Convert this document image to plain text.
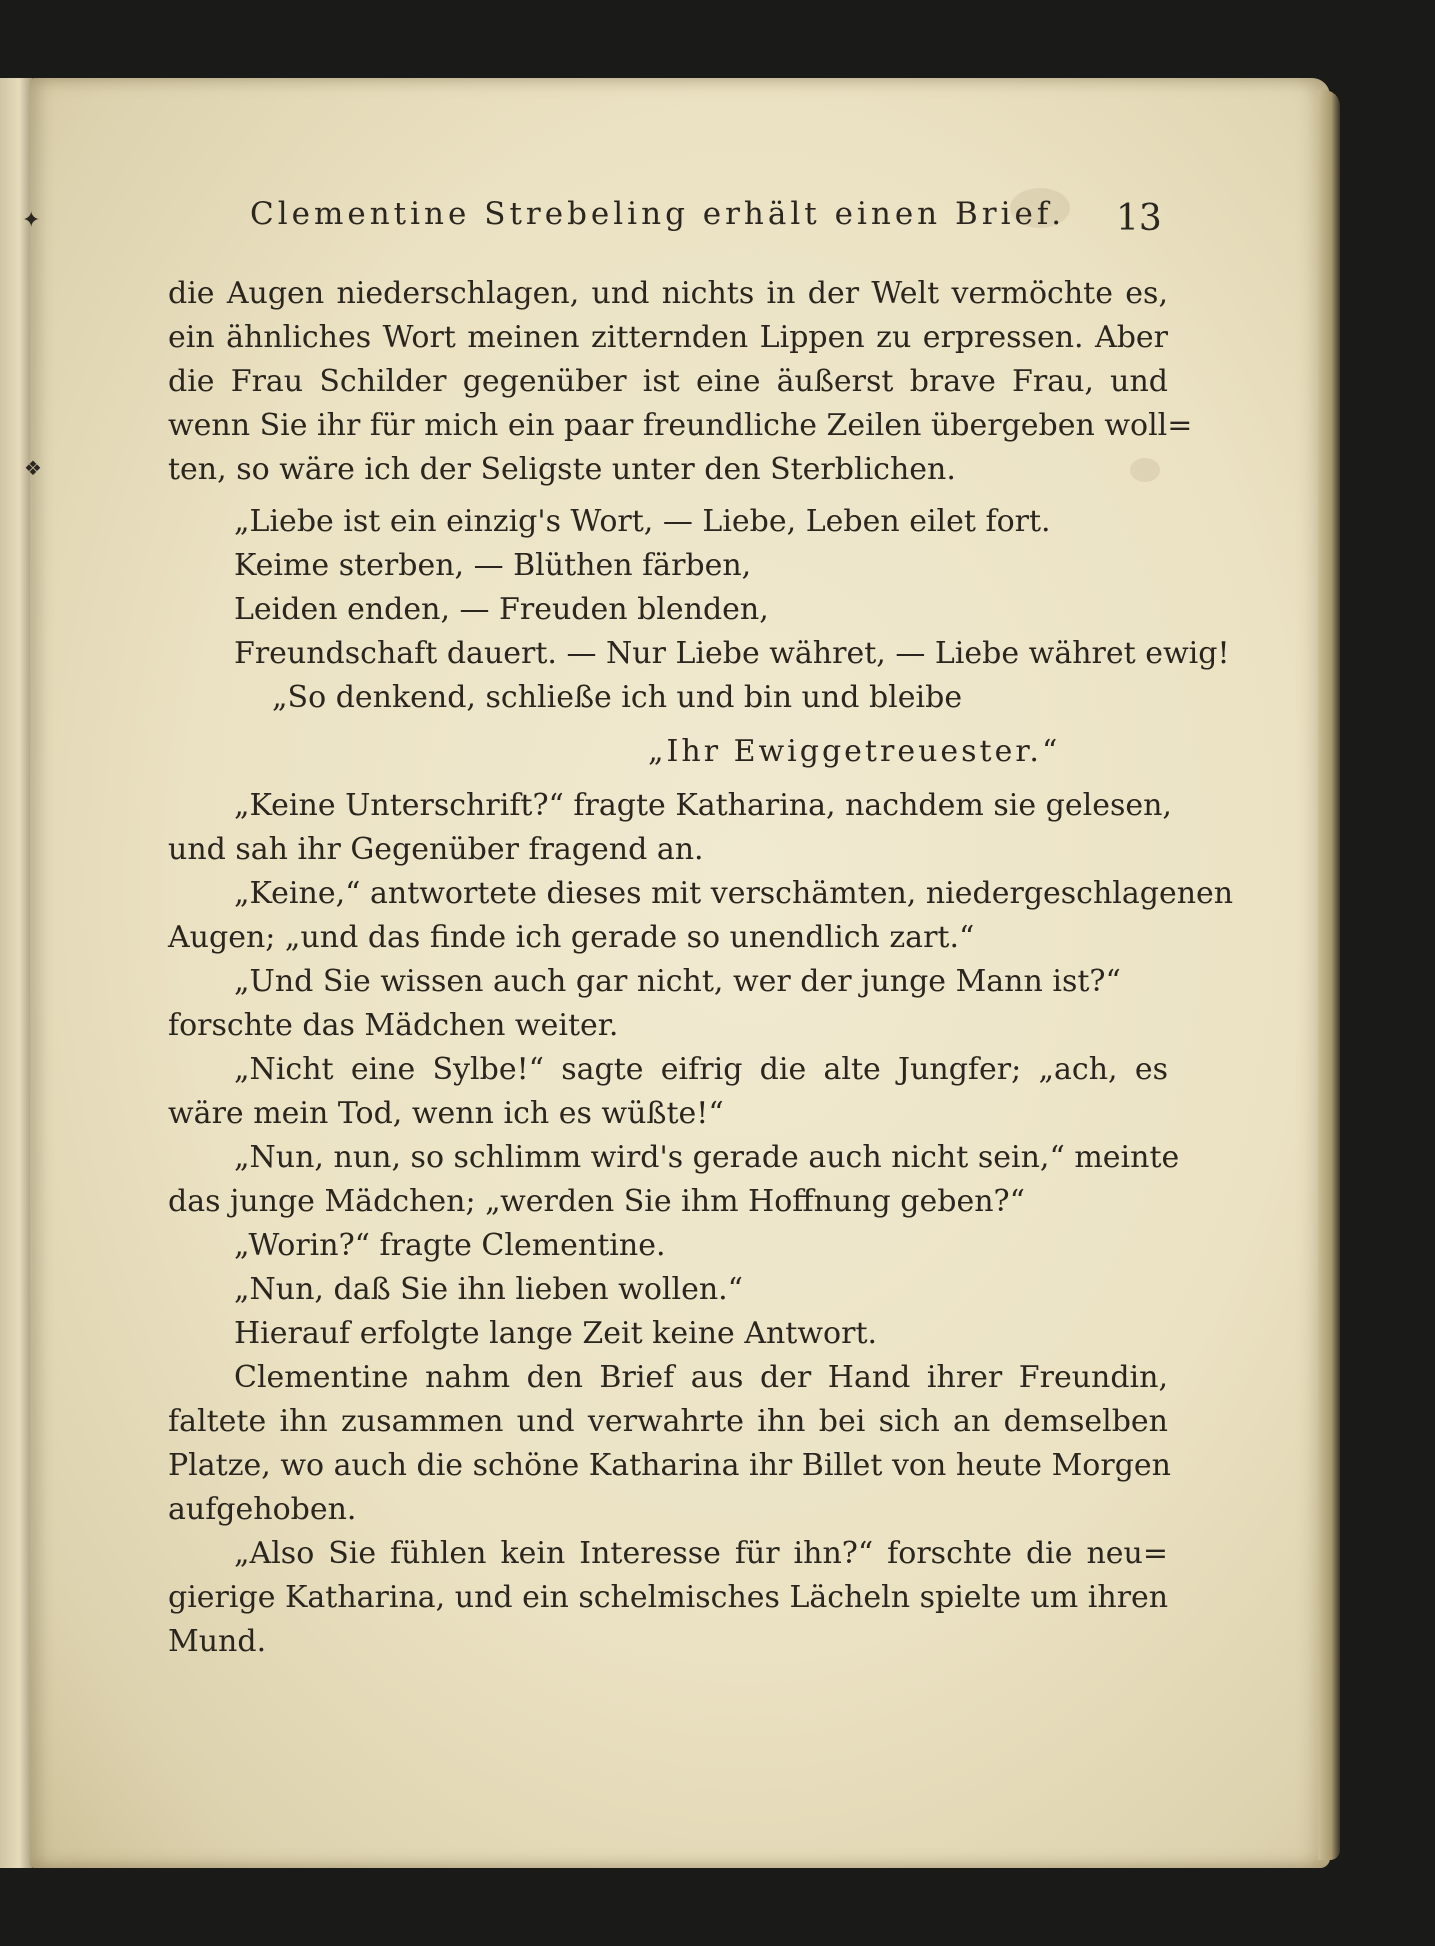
✦
❖
Clementine Strebeling erhält einen Brief.	13
die Augen niederschlagen, und nichts in der Welt vermöchte es,
ein ähnliches Wort meinen zitternden Lippen zu erpressen. Aber
die Frau Schilder gegenüber ist eine äußerst brave Frau, und
wenn Sie ihr für mich ein paar freundliche Zeilen übergeben woll=
ten, so wäre ich der Seligste unter den Sterblichen.
„Liebe ist ein einzig's Wort, — Liebe, Leben eilet fort.
Keime sterben, — Blüthen färben,
Leiden enden, — Freuden blenden,
Freundschaft dauert. — Nur Liebe währet, — Liebe währet ewig!
„So denkend, schließe ich und bin und bleibe
„Ihr Ewiggetreuester.“
„Keine Unterschrift?“ fragte Katharina, nachdem sie gelesen,
und sah ihr Gegenüber fragend an.
„Keine,“ antwortete dieses mit verschämten, niedergeschlagenen
Augen; „und das finde ich gerade so unendlich zart.“
„Und Sie wissen auch gar nicht, wer der junge Mann ist?“
forschte das Mädchen weiter.
„Nicht eine Sylbe!“ sagte eifrig die alte Jungfer; „ach, es
wäre mein Tod, wenn ich es wüßte!“
„Nun, nun, so schlimm wird's gerade auch nicht sein,“ meinte
das junge Mädchen; „werden Sie ihm Hoffnung geben?“
„Worin?“ fragte Clementine.
„Nun, daß Sie ihn lieben wollen.“
Hierauf erfolgte lange Zeit keine Antwort.
Clementine nahm den Brief aus der Hand ihrer Freundin,
faltete ihn zusammen und verwahrte ihn bei sich an demselben
Platze, wo auch die schöne Katharina ihr Billet von heute Morgen
aufgehoben.
„Also Sie fühlen kein Interesse für ihn?“ forschte die neu=
gierige Katharina, und ein schelmisches Lächeln spielte um ihren
Mund.
